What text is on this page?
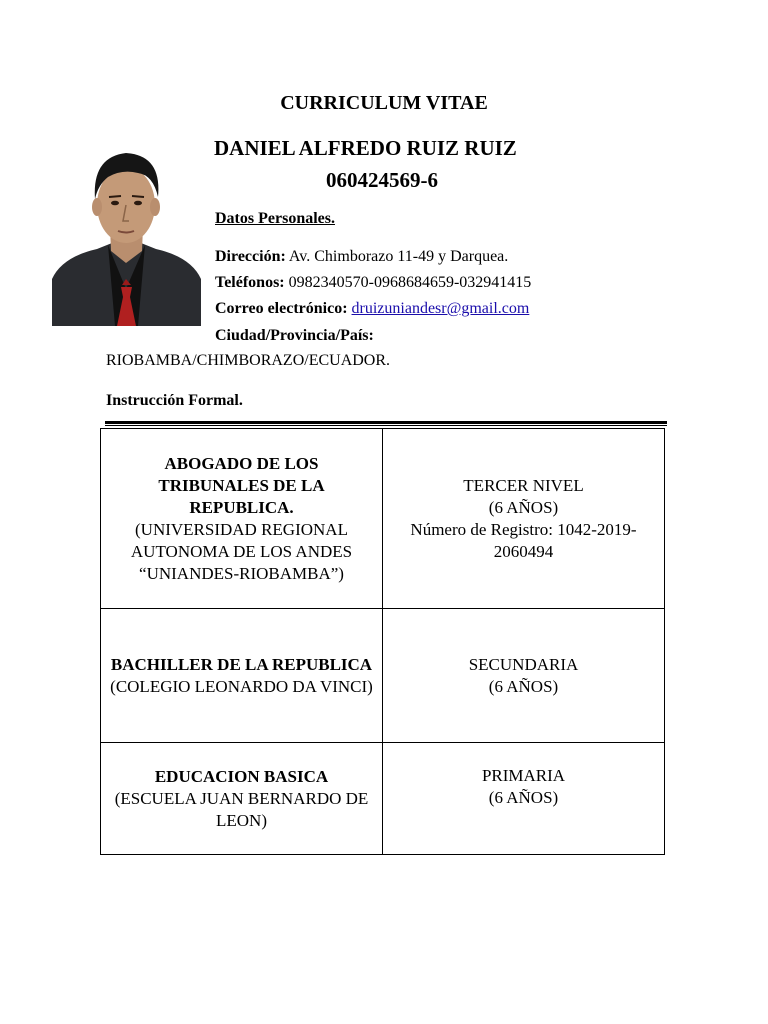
CURRICULUM VITAE
DANIEL ALFREDO RUIZ RUIZ
060424569-6
Datos Personales.
Dirección: Av. Chimborazo 11-49 y Darquea.
Teléfonos: 0982340570-0968684659-032941415
Correo electrónico: druizuniandesr@gmail.com
Ciudad/Provincia/País:
RIOBAMBA/CHIMBORAZO/ECUADOR.
Instrucción Formal.
ABOGADO DE LOS TRIBUNALES DE LA REPUBLICA.
(UNIVERSIDAD REGIONAL AUTONOMA DE LOS ANDES “UNIANDES-RIOBAMBA”)	TERCER NIVEL
(6 AÑOS)
Número de Registro: 1042-2019-2060494

BACHILLER DE LA REPUBLICA
(COLEGIO LEONARDO DA VINCI)	SECUNDARIA
(6 AÑOS)

EDUCACION BASICA
(ESCUELA JUAN BERNARDO DE LEON)	PRIMARIA
(6 AÑOS)
